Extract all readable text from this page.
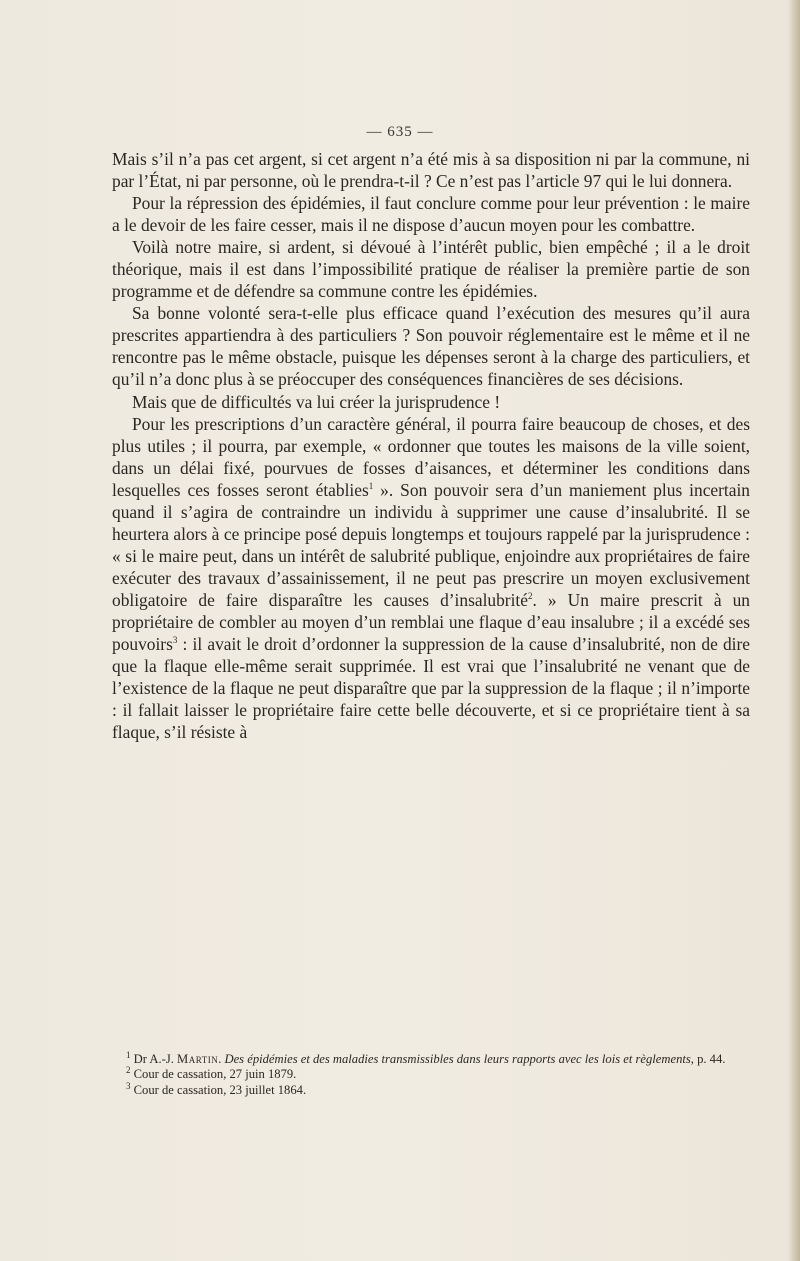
— 635 —

Mais s’il n’a pas cet argent, si cet argent n’a été mis à sa disposition ni par la commune, ni par l’État, ni par personne, où le prendra-t-il ? Ce n’est pas l’article 97 qui le lui donnera.

Pour la répression des épidémies, il faut conclure comme pour leur prévention : le maire a le devoir de les faire cesser, mais il ne dispose d’aucun moyen pour les combattre.

Voilà notre maire, si ardent, si dévoué à l’intérêt public, bien empêché ; il a le droit théorique, mais il est dans l’impossibilité pratique de réaliser la première partie de son programme et de défendre sa commune contre les épidémies.

Sa bonne volonté sera-t-elle plus efficace quand l’exécution des mesures qu’il aura prescrites appartiendra à des particuliers ? Son pouvoir réglementaire est le même et il ne rencontre pas le même obstacle, puisque les dépenses seront à la charge des particuliers, et qu’il n’a donc plus à se préoccuper des conséquences financières de ses décisions.

Mais que de difficultés va lui créer la jurisprudence !

Pour les prescriptions d’un caractère général, il pourra faire beaucoup de choses, et des plus utiles ; il pourra, par exemple, « ordonner que toutes les maisons de la ville soient, dans un délai fixé, pourvues de fosses d’aisances, et déterminer les conditions dans lesquelles ces fosses seront établies$^1$ ». Son pouvoir sera d’un maniement plus incertain quand il s’agira de contraindre un individu à supprimer une cause d’insalubrité. Il se heurtera alors à ce principe posé depuis longtemps et toujours rappelé par la jurisprudence : « si le maire peut, dans un intérêt de salubrité publique, enjoindre aux propriétaires de faire exécuter des travaux d’assainissement, il ne peut pas prescrire un moyen exclusivement obligatoire de faire disparaître les causes d’insalubrité$^2$. » Un maire prescrit à un propriétaire de combler au moyen d’un remblai une flaque d’eau insalubre ; il a excédé ses pouvoirs$^3$ : il avait le droit d’ordonner la suppression de la cause d’insalubrité, non de dire que la flaque elle-même serait supprimée. Il est vrai que l’insalubrité ne venant que de l’existence de la flaque ne peut disparaître que par la suppression de la flaque ; il n’importe : il fallait laisser le propriétaire faire cette belle découverte, et si ce propriétaire tient à sa flaque, s’il résiste à

$^1$ Dr A.-J. Martin. Des épidémies et des maladies transmissibles dans leurs rapports avec les lois et règlements, p. 44.

$^2$ Cour de cassation, 27 juin 1879.

$^3$ Cour de cassation, 23 juillet 1864.
